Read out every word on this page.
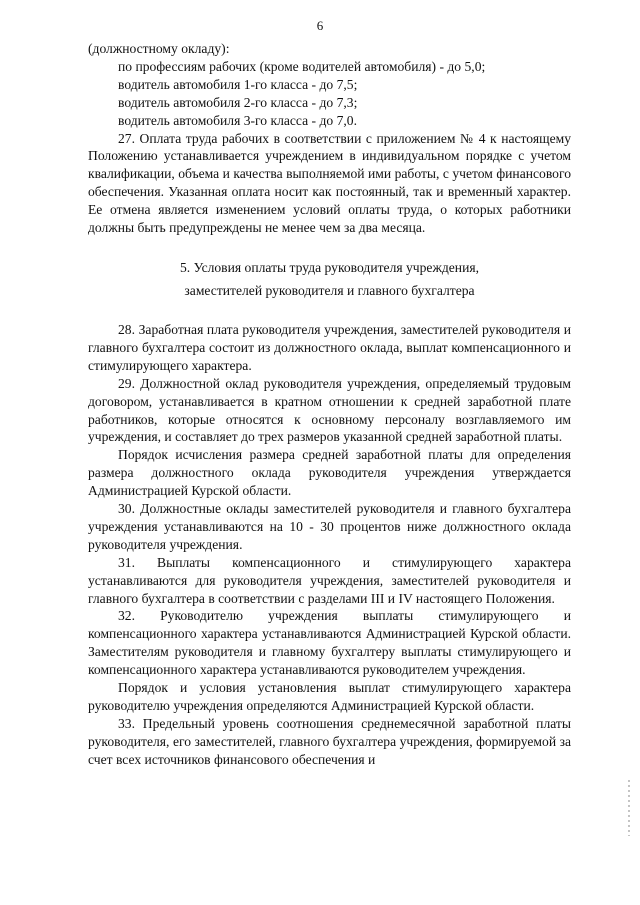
6

(должностному окладу):

по профессиям рабочих (кроме водителей автомобиля) - до 5,0;

водитель автомобиля 1-го класса - до 7,5;

водитель автомобиля 2-го класса - до 7,3;

водитель автомобиля 3-го класса - до 7,0.

27. Оплата труда рабочих в соответствии с приложением № 4 к настоящему Положению устанавливается учреждением в индивидуальном порядке с учетом квалификации, объема и качества выполняемой ими работы, с учетом финансового обеспечения. Указанная оплата носит как постоянный, так и временный характер. Ее отмена является изменением условий оплаты труда, о которых работники должны быть предупреждены не менее чем за два месяца.

5. Условия оплаты труда руководителя учреждения,
заместителей руководителя и главного бухгалтера

28. Заработная плата руководителя учреждения, заместителей руководителя и главного бухгалтера состоит из должностного оклада, выплат компенсационного и стимулирующего характера.

29. Должностной оклад руководителя учреждения, определяемый трудовым договором, устанавливается в кратном отношении к средней заработной плате работников, которые относятся к основному персоналу возглавляемого им учреждения, и составляет до трех размеров указанной средней заработной платы.

Порядок исчисления размера средней заработной платы для определения размера должностного оклада руководителя учреждения утверждается Администрацией Курской области.

30. Должностные оклады заместителей руководителя и главного бухгалтера учреждения устанавливаются на 10 - 30 процентов ниже должностного оклада руководителя учреждения.

31. Выплаты компенсационного и стимулирующего характера устанавливаются для руководителя учреждения, заместителей руководителя и главного бухгалтера в соответствии с разделами III и IV настоящего Положения.

32. Руководителю учреждения выплаты стимулирующего и компенсационного характера устанавливаются Администрацией Курской области. Заместителям руководителя и главному бухгалтеру выплаты стимулирующего и компенсационного характера устанавливаются руководителем учреждения.

Порядок и условия установления выплат стимулирующего характера руководителю учреждения определяются Администрацией Курской области.

33. Предельный уровень соотношения среднемесячной заработной платы руководителя, его заместителей, главного бухгалтера учреждения, формируемой за счет всех источников финансового обеспечения и
